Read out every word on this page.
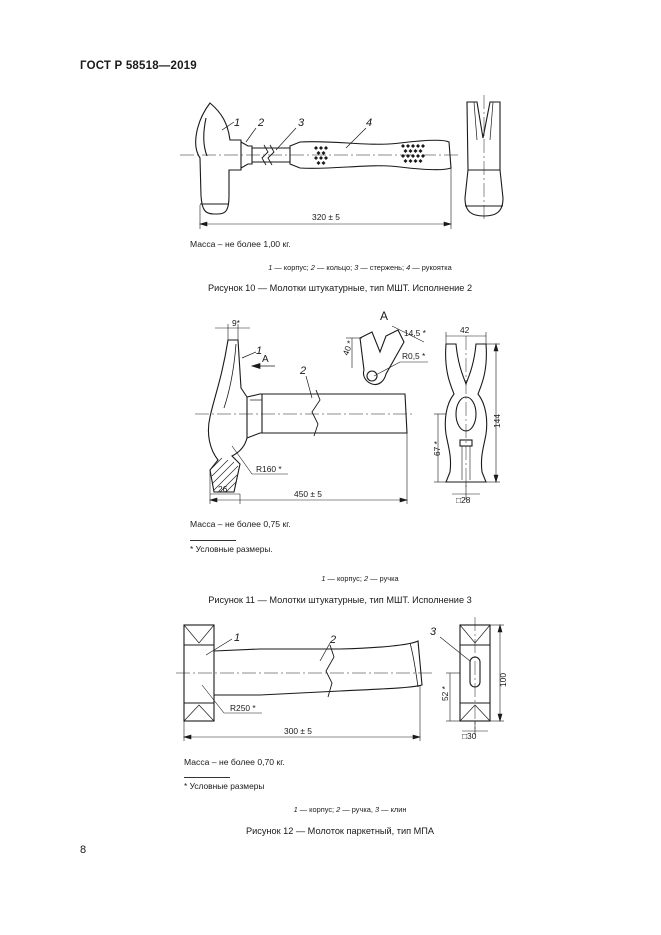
ГОСТ Р 58518—2019
1 2	3	4
320 ± 5
Масса – не более 1,00 кг.
1 — корпус; 2 — кольцо; 3 — стержень; 4 — рукоятка
Рисунок 10 — Молотки штукатурные, тип МШТ. Исполнение 2
А
1
2
9*
R160 *
26	450 ± 5
А
14,5 *
40 *	R0,5 *
42
144
67 *
□28
Масса – не более 0,75 кг.
* Условные размеры.
1 — корпус; 2 — ручка
Рисунок 11 — Молотки штукатурные, тип МШТ. Исполнение 3
1	2
R250 *
300 ± 5
3
100
52 *
□30
Масса – не более 0,70 кг.
* Условные размеры
1 — корпус; 2 — ручка, 3 — клин
Рисунок 12 — Молоток паркетный, тип МПА
8
